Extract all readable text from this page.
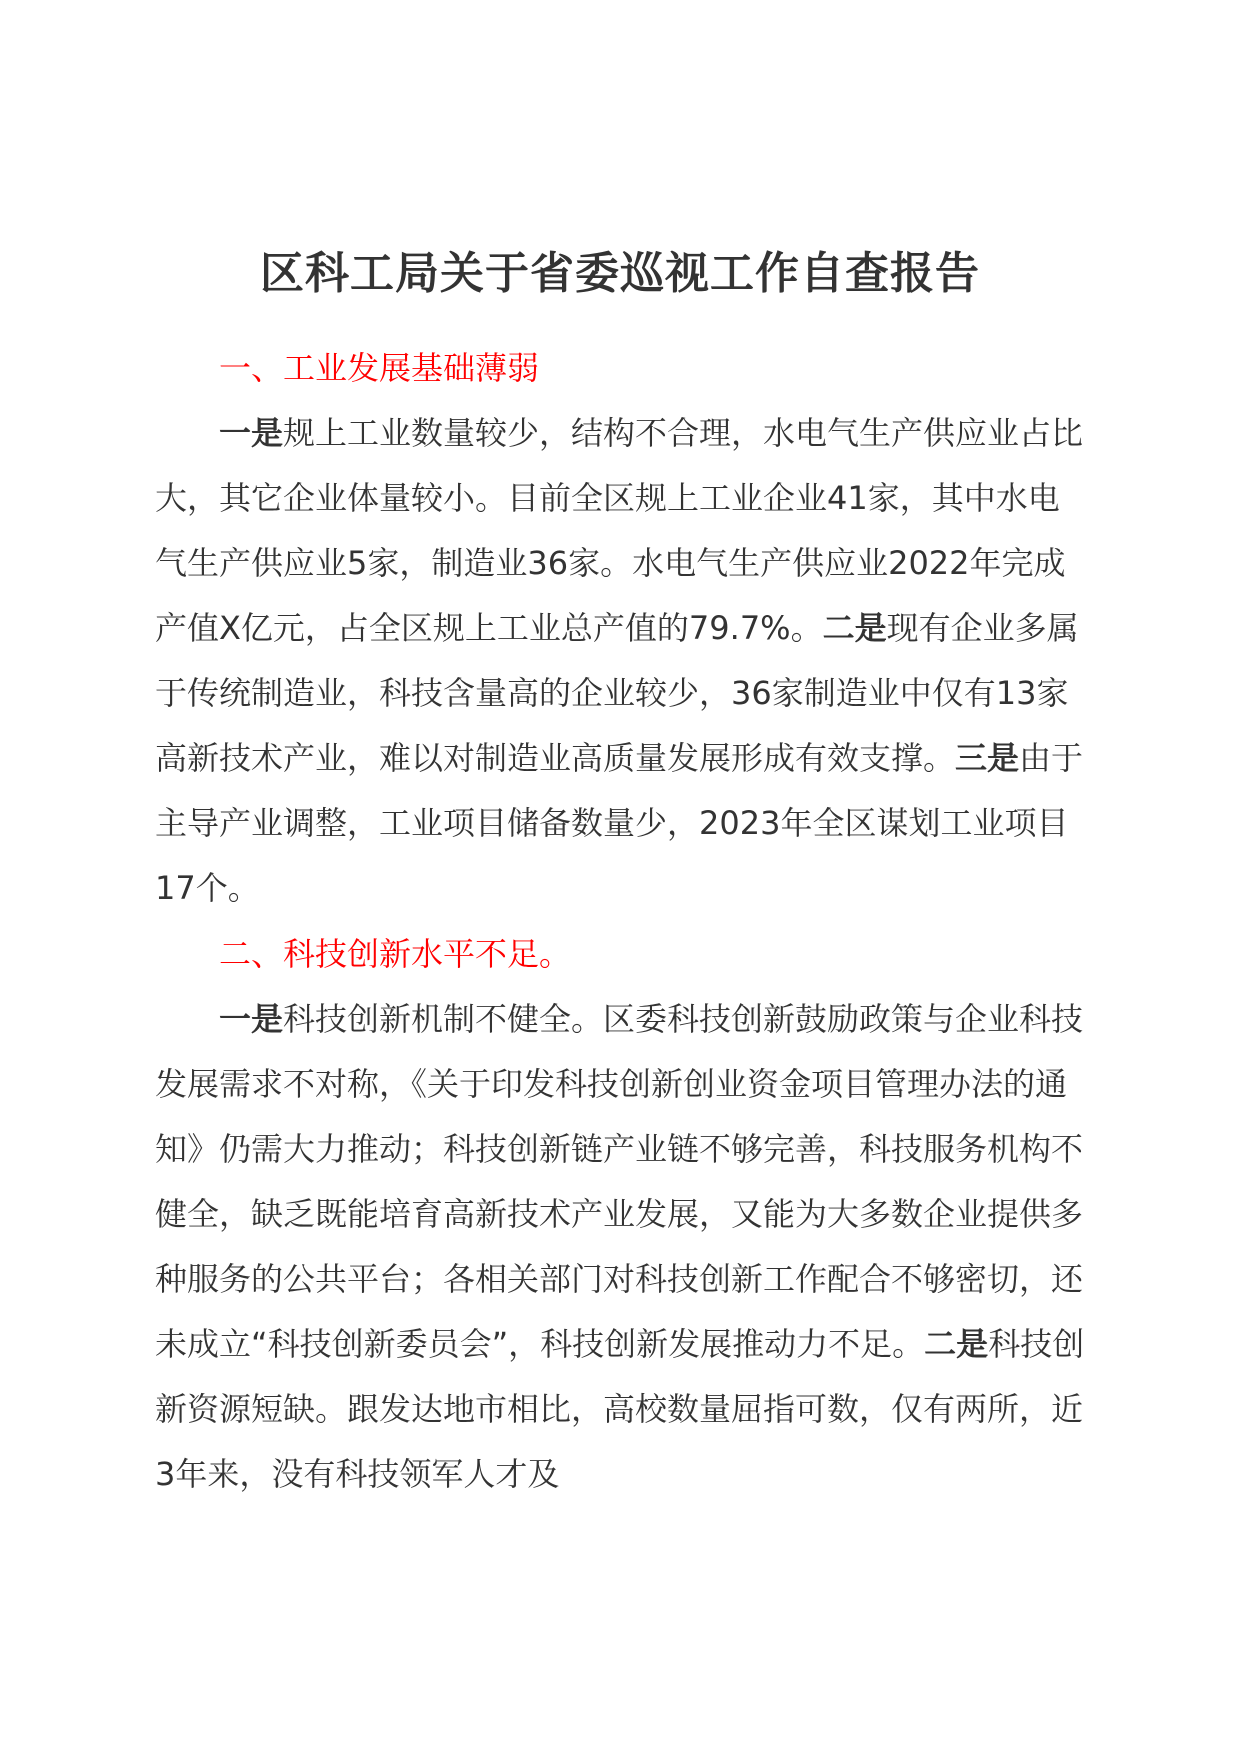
区科工局关于省委巡视工作自查报告
一、工业发展基础薄弱

一是规上工业数量较少，结构不合理，水电气生产供应业占比大，其它企业体量较小。目前全区规上工业企业41家，其中水电气生产供应业5家，制造业36家。水电气生产供应业2022年完成产值X亿元，占全区规上工业总产值的79.7%。二是现有企业多属于传统制造业，科技含量高的企业较少，36家制造业中仅有13家高新技术产业，难以对制造业高质量发展形成有效支撑。三是由于主导产业调整，工业项目储备数量少，2023年全区谋划工业项目17个。

二、科技创新水平不足。

一是科技创新机制不健全。区委科技创新鼓励政策与企业科技发展需求不对称，《关于印发科技创新创业资金项目管理办法的通知》仍需大力推动；科技创新链产业链不够完善，科技服务机构不健全，缺乏既能培育高新技术产业发展，又能为大多数企业提供多种服务的公共平台；各相关部门对科技创新工作配合不够密切，还未成立“科技创新委员会”，科技创新发展推动力不足。二是科技创新资源短缺。跟发达地市相比，高校数量屈指可数，仅有两所，近3年来，没有科技领军人才及
